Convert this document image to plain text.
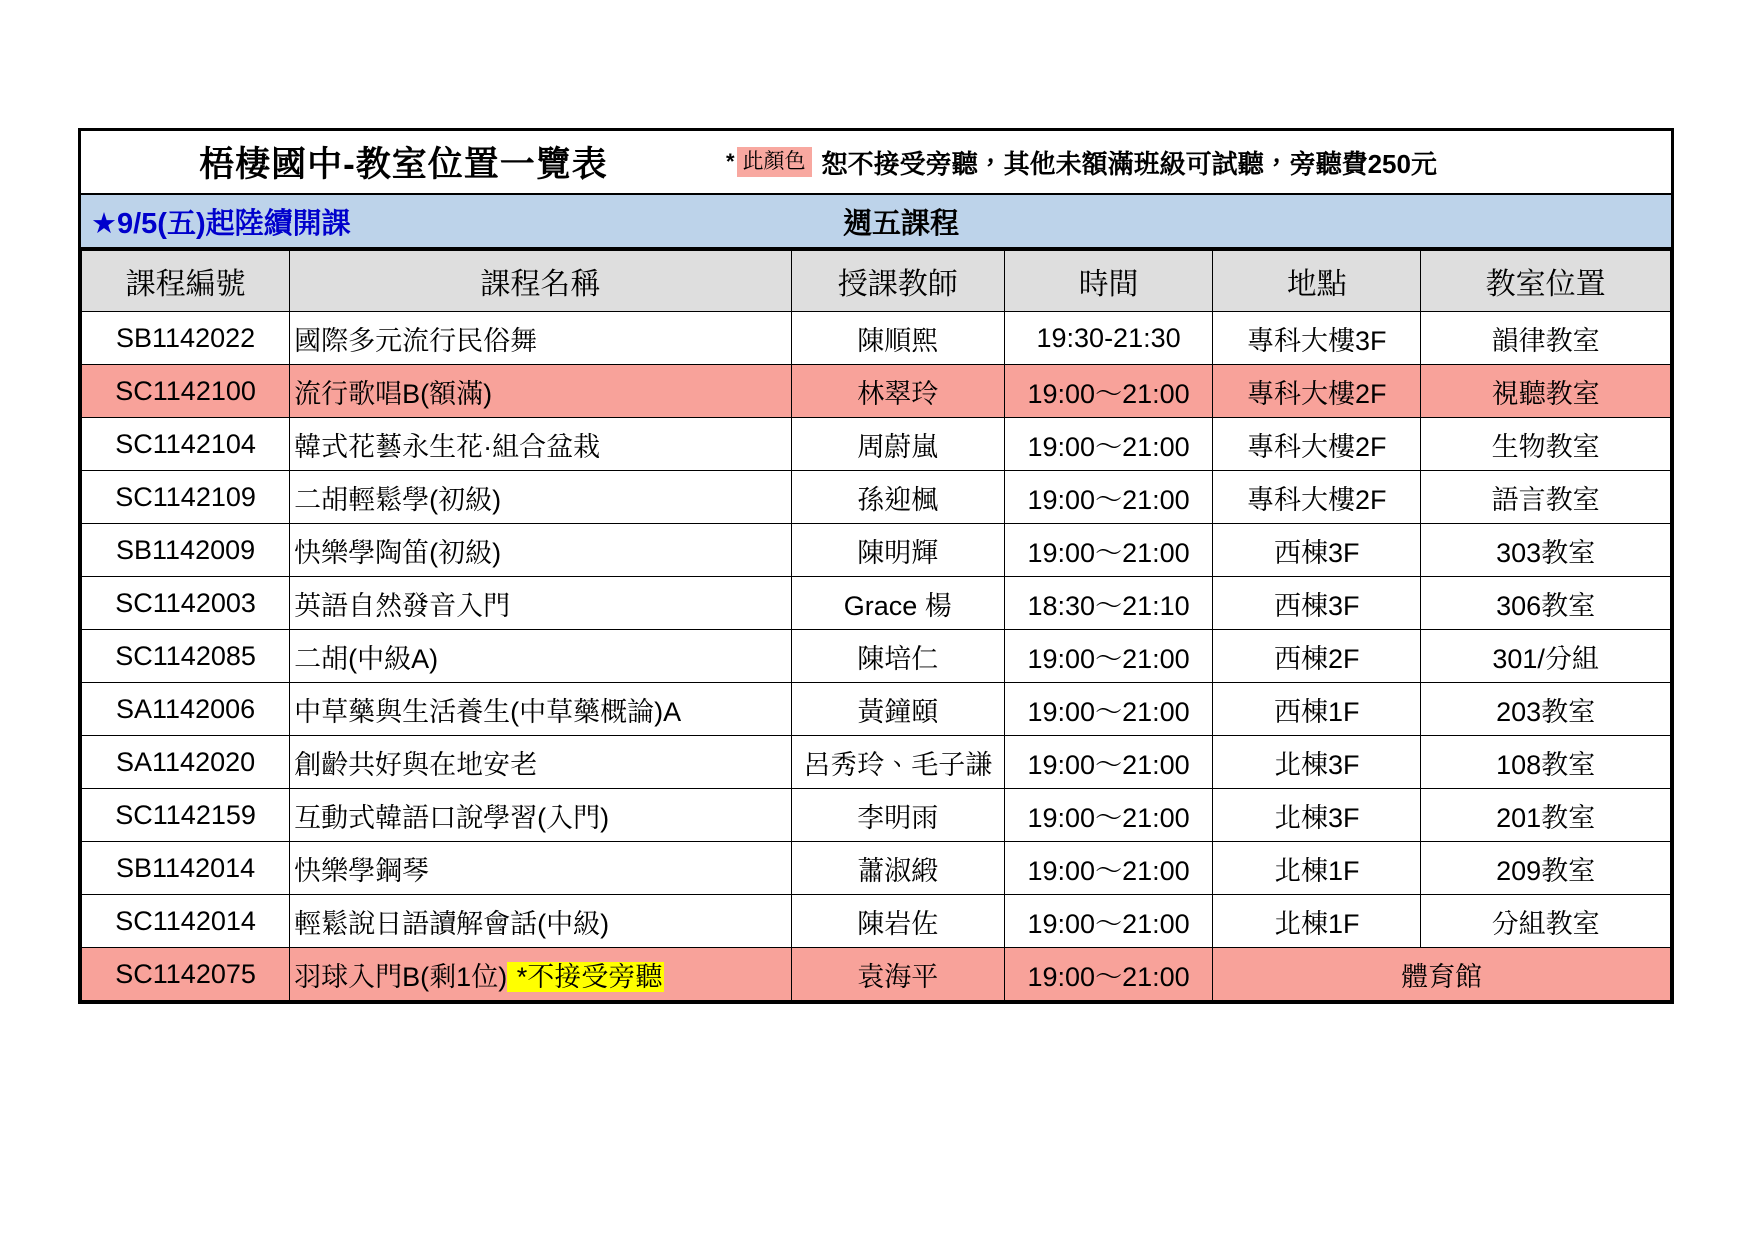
梧棲國中-教室位置一覽表	* 此顏色 恕不接受旁聽，其他未額滿班級可試聽，旁聽費250元
★9/5(五)起陸續開課	週五課程
課程編號	課程名稱	授課教師	時間	地點	教室位置
SB1142022	國際多元流行民俗舞	陳順熙	19:30-21:30	專科大樓3F	韻律教室
SC1142100	流行歌唱B(額滿)	林翠玲	19:00～21:00	專科大樓2F	視聽教室
SC1142104	韓式花藝永生花·組合盆栽	周蔚嵐	19:00～21:00	專科大樓2F	生物教室
SC1142109	二胡輕鬆學(初級)	孫迎楓	19:00～21:00	專科大樓2F	語言教室
SB1142009	快樂學陶笛(初級)	陳明輝	19:00～21:00	西棟3F	303教室
SC1142003	英語自然發音入門	Grace 楊	18:30～21:10	西棟3F	306教室
SC1142085	二胡(中級A)	陳培仁	19:00～21:00	西棟2F	301/分組
SA1142006	中草藥與生活養生(中草藥概論)A	黃鐘頤	19:00～21:00	西棟1F	203教室
SA1142020	創齡共好與在地安老	呂秀玲、毛子謙	19:00～21:00	北棟3F	108教室
SC1142159	互動式韓語口說學習(入門)	李明雨	19:00～21:00	北棟3F	201教室
SB1142014	快樂學鋼琴	蕭淑緞	19:00～21:00	北棟1F	209教室
SC1142014	輕鬆說日語讀解會話(中級)	陳岩佐	19:00～21:00	北棟1F	分組教室
SC1142075	羽球入門B(剩1位) *不接受旁聽	袁海平	19:00～21:00	體育館	
